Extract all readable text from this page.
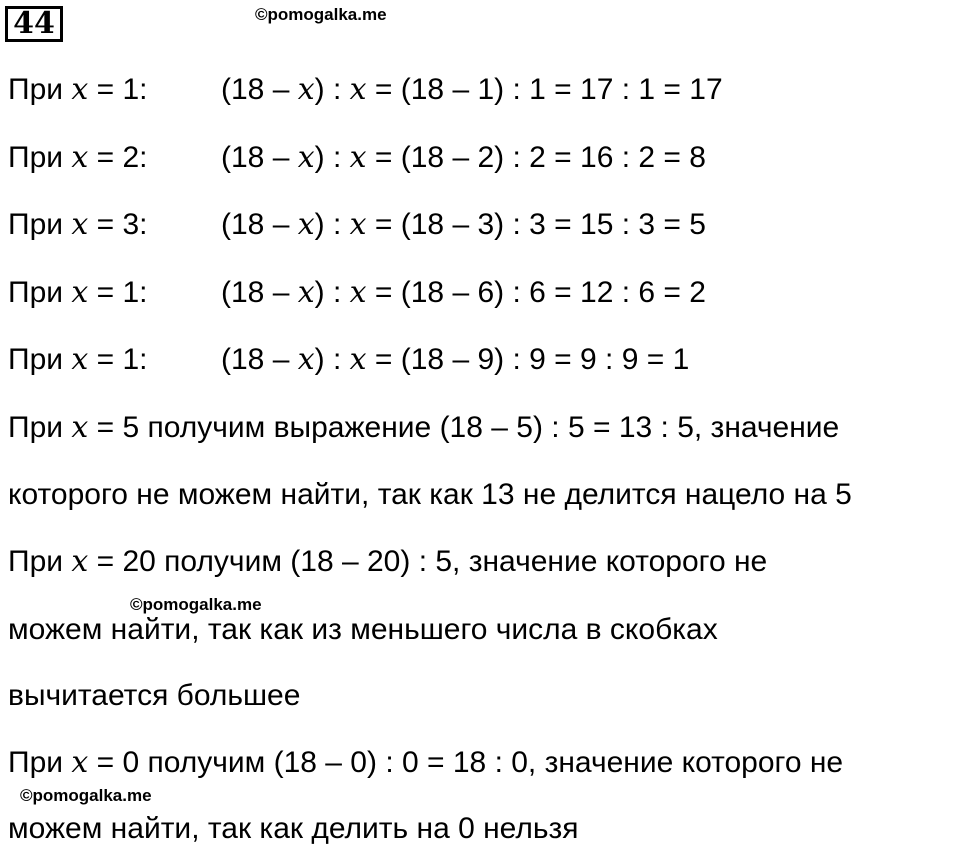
44	©pomogalka.me
При x = 1: (18 – x) : x = (18 – 1) : 1 = 17 : 1 = 17
При x = 2: (18 – x) : x = (18 – 2) : 2 = 16 : 2 = 8
При x = 3: (18 – x) : x = (18 – 3) : 3 = 15 : 3 = 5
При x = 1: (18 – x) : x = (18 – 6) : 6 = 12 : 6 = 2
При x = 1: (18 – x) : x = (18 – 9) : 9 = 9 : 9 = 1
При x = 5 получим выражение (18 – 5) : 5 = 13 : 5, значение
которого не можем найти, так как 13 не делится нацело на 5
При x = 20 получим (18 – 20) : 5, значение которого не
©pomogalka.me
можем найти, так как из меньшего числа в скобках
вычитается большее
При x = 0 получим (18 – 0) : 0 = 18 : 0, значение которого не
©pomogalka.me
можем найти, так как делить на 0 нельзя
